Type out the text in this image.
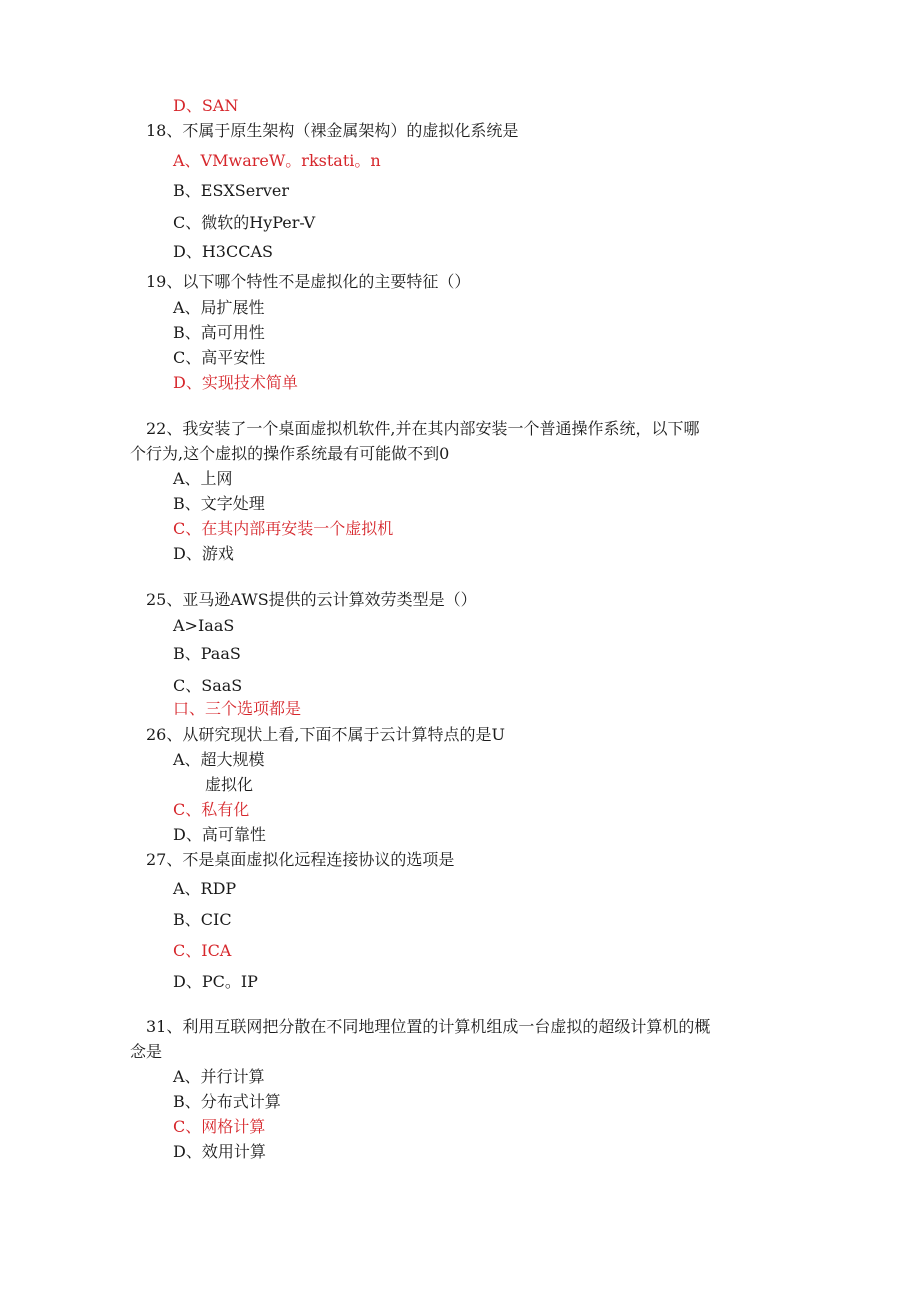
D、SAN
18、不属于原生架构（裸金属架构）的虚拟化系统是
A、VMwareW。rkstati。n
B、ESXServer
C、微软的HyPer-V
D、H3CCAS
19、以下哪个特性不是虚拟化的主要特征（）
A、局扩展性
B、高可用性
C、高平安性
D、实现技术简单
22、我安装了一个桌面虚拟机软件,并在其内部安装一个普通操作系统，以下哪
个行为,这个虚拟的操作系统最有可能做不到0
A、上网
B、文字处理
C、在其内部再安装一个虚拟机
D、游戏
25、亚马逊AWS提供的云计算效劳类型是（）
A>IaaS
B、PaaS
C、SaaS
口、三个选项都是
26、从研究现状上看,下面不属于云计算特点的是U
A、超大规模
虚拟化
C、私有化
D、高可靠性
27、不是桌面虚拟化远程连接协议的选项是
A、RDP
B、CIC
C、ICA
D、PC。IP
31、利用互联网把分散在不同地理位置的计算机组成一台虚拟的超级计算机的概
念是
A、并行计算
B、分布式计算
C、网格计算
D、效用计算
